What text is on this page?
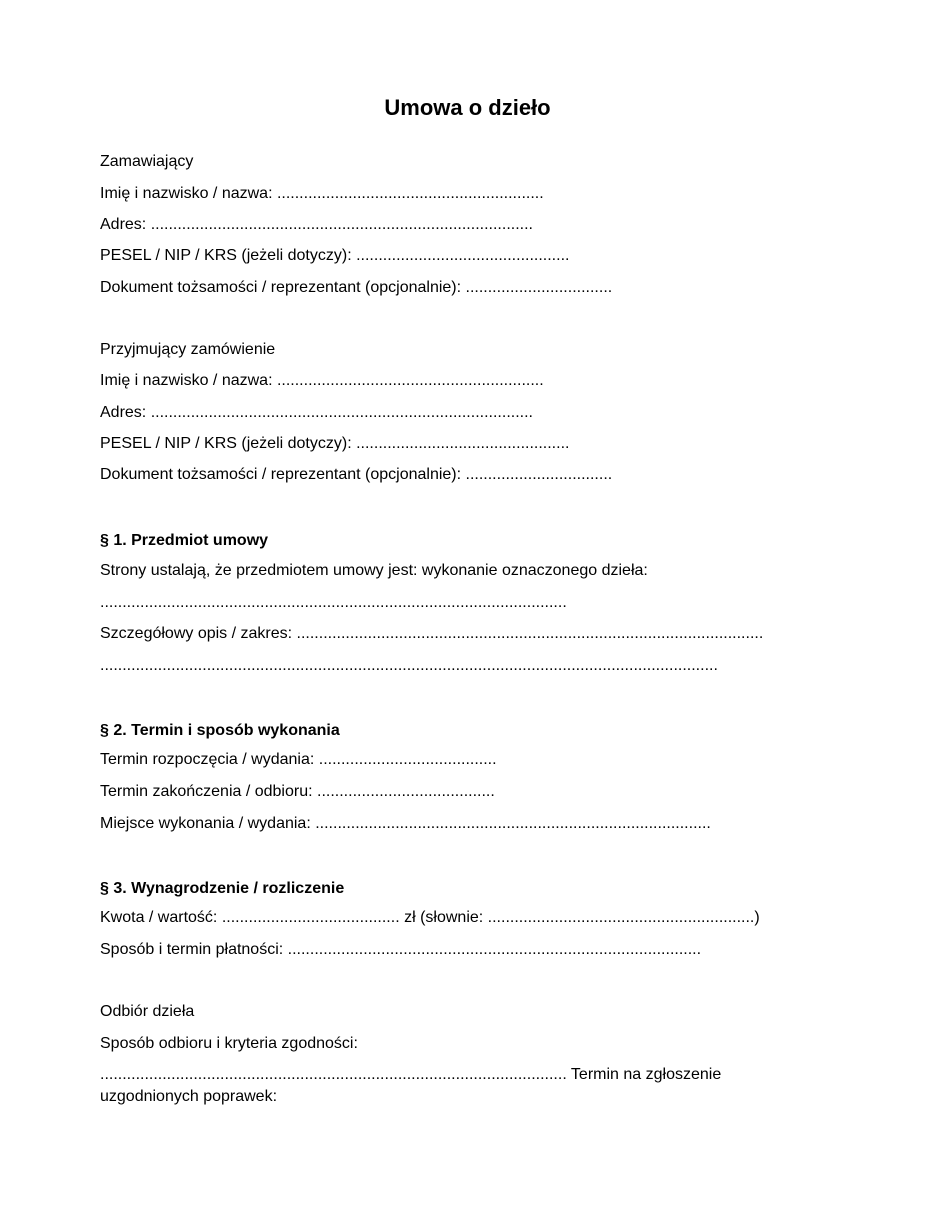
Umowa o dzieło

Zamawiający

Imię i nazwisko / nazwa: ............................................................

Adres: ......................................................................................

PESEL / NIP / KRS (jeżeli dotyczy): ................................................

Dokument tożsamości / reprezentant (opcjonalnie): .................................

Przyjmujący zamówienie

Imię i nazwisko / nazwa: ............................................................

Adres: ......................................................................................

PESEL / NIP / KRS (jeżeli dotyczy): ................................................

Dokument tożsamości / reprezentant (opcjonalnie): .................................

§ 1. Przedmiot umowy

Strony ustalają, że przedmiotem umowy jest: wykonanie oznaczonego dzieła:

.........................................................................................................

Szczegółowy opis / zakres: .........................................................................................................

...........................................................................................................................................

§ 2. Termin i sposób wykonania

Termin rozpoczęcia / wydania: ........................................

Termin zakończenia / odbioru: ........................................

Miejsce wykonania / wydania: .........................................................................................

§ 3. Wynagrodzenie / rozliczenie

Kwota / wartość: ........................................ zł (słownie: ............................................................)

Sposób i termin płatności: .............................................................................................

Odbiór dzieła

Sposób odbioru i kryteria zgodności:

......................................................................................................... Termin na zgłoszenie uzgodnionych poprawek:
